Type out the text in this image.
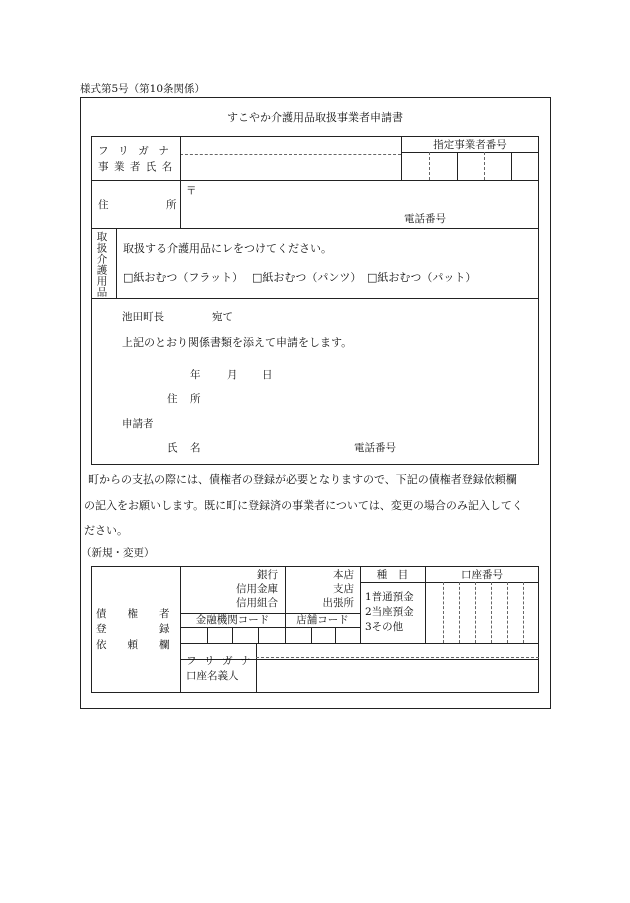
様式第5号（第10条関係）
すこやか介護用品取扱事業者申請書
フ リ ガ ナ
事 業 者 氏 名
指定事業者番号
住	所
〒
電話番号
取扱介護用品 取扱する介護用品にレをつけてください。
□紙おむつ（フラット） □紙おむつ（パンツ） □紙おむつ（パット）
池田町長	宛て
上記のとおり関係書類を添えて申請をします。
年	月 日
住 所
申請者
氏 名	電話番号
町からの支払の際には、債権者の登録が必要となりますので、下記の債権者登録依頼欄
の記入をお願いします。既に町に登録済の事業者については、変更の場合のみ記入してく
ださい。
（新規・変更）
債　　権　　者
登　　　　　録
依　　頼　　欄
銀行
信用金庫
信用組合
本店
支店
出張所
種　目	口座番号
1普通預金
2当座預金
3その他
金融機関コード	店舗コード
フ リ ガ ナ
口座名義人
